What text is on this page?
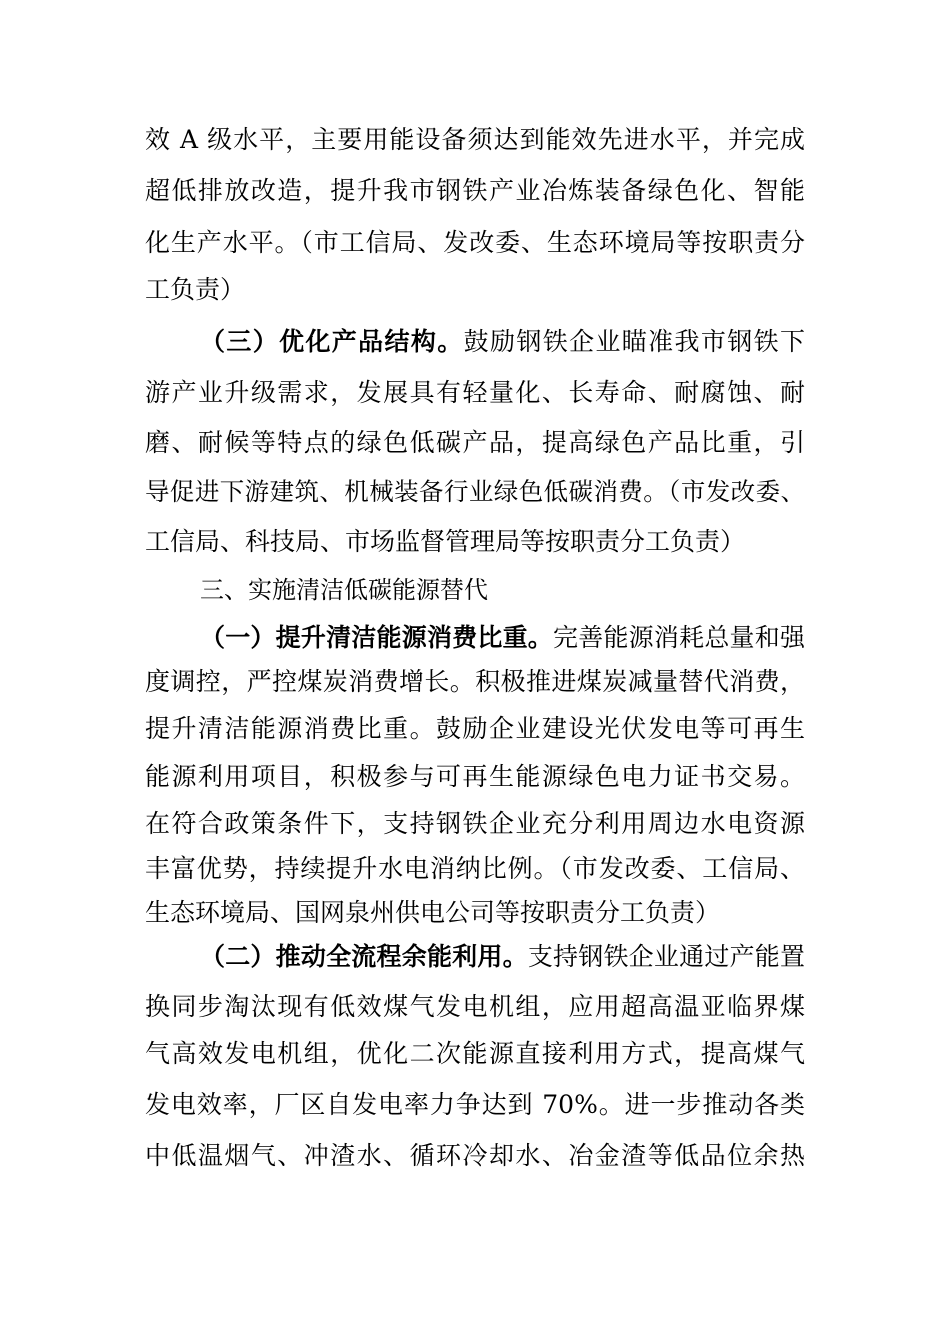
效 A 级水平，主要用能设备须达到能效先进水平，并完成
超低排放改造，提升我市钢铁产业冶炼装备绿色化、智能
化生产水平。（市工信局、发改委、生态环境局等按职责分
工负责）
（三）优化产品结构。鼓励钢铁企业瞄准我市钢铁下
游产业升级需求，发展具有轻量化、长寿命、耐腐蚀、耐
磨、耐候等特点的绿色低碳产品，提高绿色产品比重，引
导促进下游建筑、机械装备行业绿色低碳消费。（市发改委、
工信局、科技局、市场监督管理局等按职责分工负责）
三、实施清洁低碳能源替代
（一）提升清洁能源消费比重。完善能源消耗总量和强
度调控，严控煤炭消费增长。积极推进煤炭减量替代消费，
提升清洁能源消费比重。鼓励企业建设光伏发电等可再生
能源利用项目，积极参与可再生能源绿色电力证书交易。
在符合政策条件下，支持钢铁企业充分利用周边水电资源
丰富优势，持续提升水电消纳比例。（市发改委、工信局、
生态环境局、国网泉州供电公司等按职责分工负责）
（二）推动全流程余能利用。支持钢铁企业通过产能置
换同步淘汰现有低效煤气发电机组，应用超高温亚临界煤
气高效发电机组，优化二次能源直接利用方式，提高煤气
发电效率，厂区自发电率力争达到 70%。进一步推动各类
中低温烟气、冲渣水、循环冷却水、冶金渣等低品位余热
